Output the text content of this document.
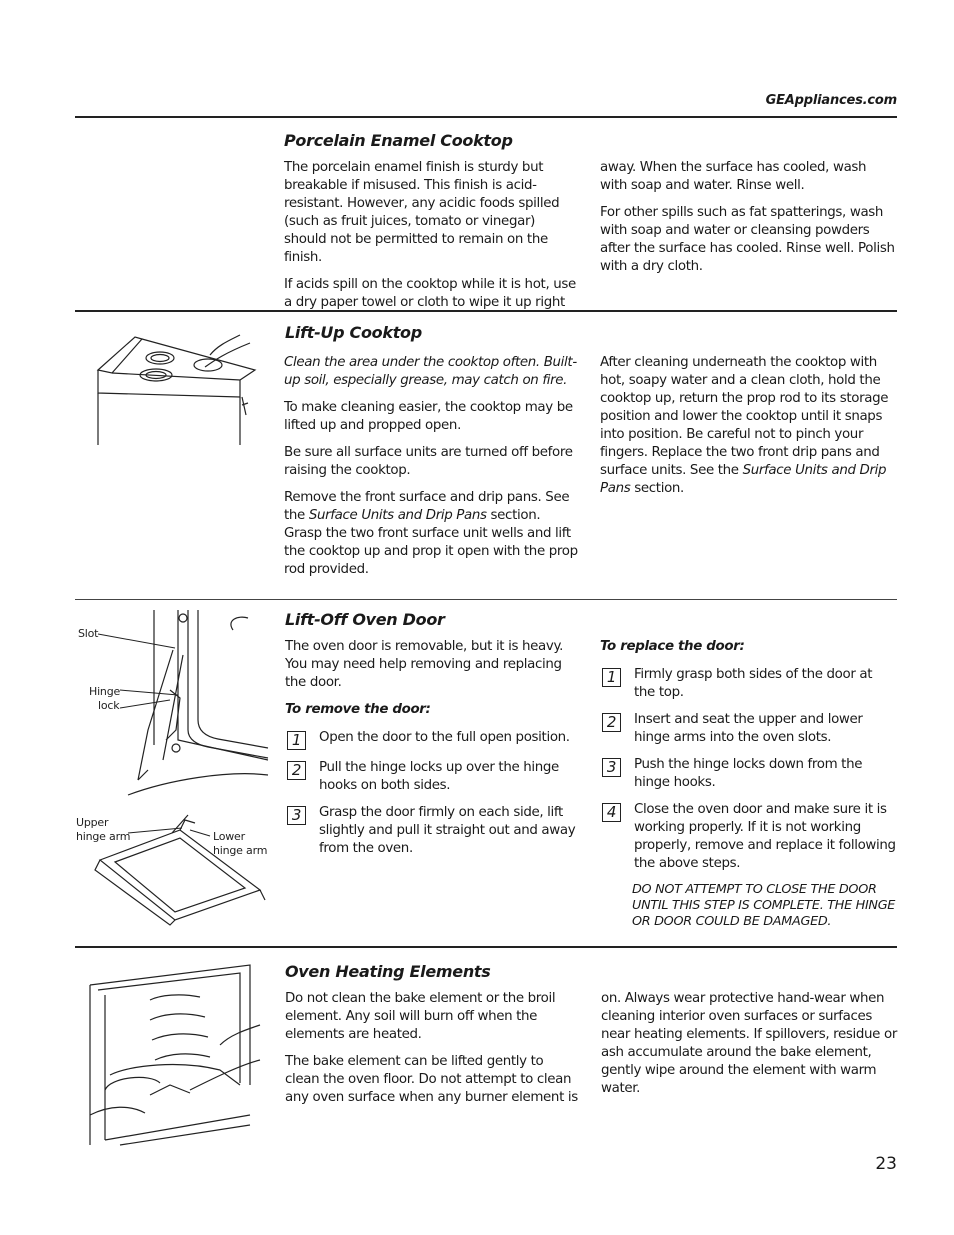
GEAppliances.com
Porcelain Enamel Cooktop

The porcelain enamel finish is sturdy but breakable if misused. This finish is acid-resistant. However, any acidic foods spilled (such as fruit juices, tomato or vinegar) should not be permitted to remain on the finish.

If acids spill on the cooktop while it is hot, use a dry paper towel or cloth to wipe it up right

away. When the surface has cooled, wash with soap and water. Rinse well.

For other spills such as fat spatterings, wash with soap and water or cleansing powders after the surface has cooled. Rinse well. Polish with a dry cloth.

Lift-Up Cooktop

Clean the area under the cooktop often. Built-up soil, especially grease, may catch on fire.

To make cleaning easier, the cooktop may be lifted up and propped open.

Be sure all surface units are turned off before raising the cooktop.

Remove the front surface and drip pans. See the Surface Units and Drip Pans section. Grasp the two front surface unit wells and lift the cooktop up and prop it open with the prop rod provided.

After cleaning underneath the cooktop with hot, soapy water and a clean cloth, hold the cooktop up, return the prop rod to its storage position and lower the cooktop until it snaps into position. Be careful not to pinch your fingers. Replace the two front drip pans and surface units. See the Surface Units and Drip Pans section.

Slot
Hinge
lock
Upper
hinge arm	Lower
hinge arm
Lift-Off Oven Door

The oven door is removable, but it is heavy. You may need help removing and replacing the door.

To remove the door:
1	Open the door to the full open position.
2	Pull the hinge locks up over the hinge hooks on both sides.
3	Grasp the door firmly on each side, lift slightly and pull it straight out and away from the oven.
To replace the door:
1	Firmly grasp both sides of the door at the top.
2	Insert and seat the upper and lower hinge arms into the oven slots.
3	Push the hinge locks down from the hinge hooks.
4	Close the oven door and make sure it is working properly. If it is not working properly, remove and replace it following the above steps.
DO NOT ATTEMPT TO CLOSE THE DOOR UNTIL THIS STEP IS COMPLETE. THE HINGE OR DOOR COULD BE DAMAGED.
Oven Heating Elements

Do not clean the bake element or the broil element. Any soil will burn off when the elements are heated.

The bake element can be lifted gently to clean the oven floor. Do not attempt to clean any oven surface when any burner element is

on. Always wear protective hand-wear when cleaning interior oven surfaces or surfaces near heating elements. If spillovers, residue or ash accumulate around the bake element, gently wipe around the element with warm water.

23
